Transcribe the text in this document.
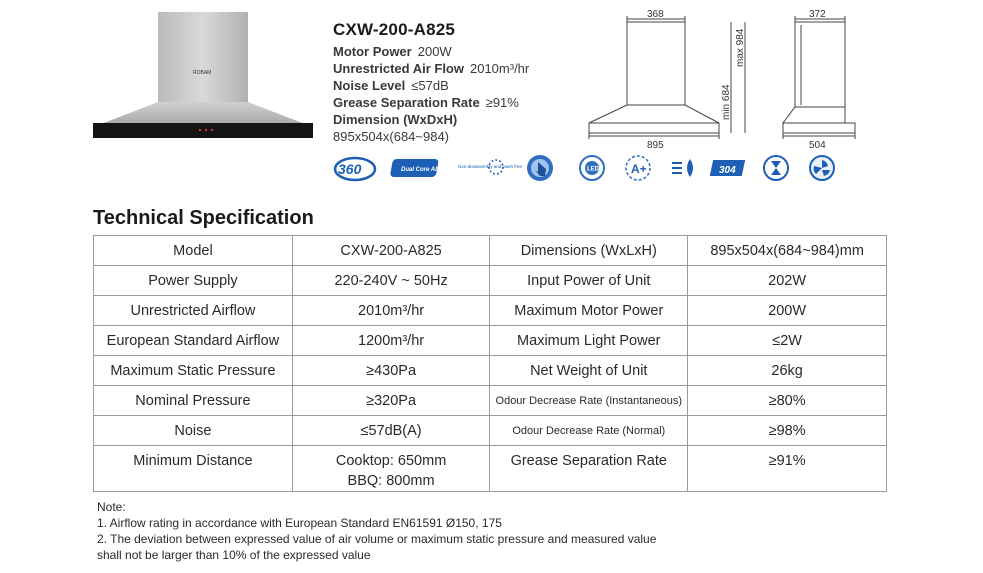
ROBAM
CXW-200-A825
Motor Power 200W
Unrestricted Air Flow 2010m³/hr
Noise Level ≤57dB
Grease Separation Rate ≥91%
Dimension (WxDxH)
895x504x(684~984)
368
895
min 684
max 984
372
504
360	Dual Core Absorber
Non-disassembly and wash free	LED	A+	304
Technical Specification
Model	CXW-200-A825	Dimensions (WxLxH)	895x504x(684~984)mm
Power Supply	220-240V ~ 50Hz	Input Power of Unit	202W
Unrestricted Airflow	2010m³/hr	Maximum Motor Power	200W
European Standard Airflow	1200m³/hr	Maximum Light Power	≤2W
Maximum Static Pressure	≥430Pa	Net Weight of Unit	26kg
Nominal Pressure	≥320Pa	Odour Decrease Rate (Instantaneous)	≥80%
Noise	≤57dB(A)	Odour Decrease Rate (Normal)	≥98%
Minimum Distance	Cooktop: 650mm
BBQ: 800mm	Grease Separation Rate	≥91%
Note:
1. Airflow rating in accordance with European Standard EN61591 Ø150, 175
2. The deviation between expressed value of air volume or maximum static pressure and measured value
shall not be larger than 10% of the expressed value
